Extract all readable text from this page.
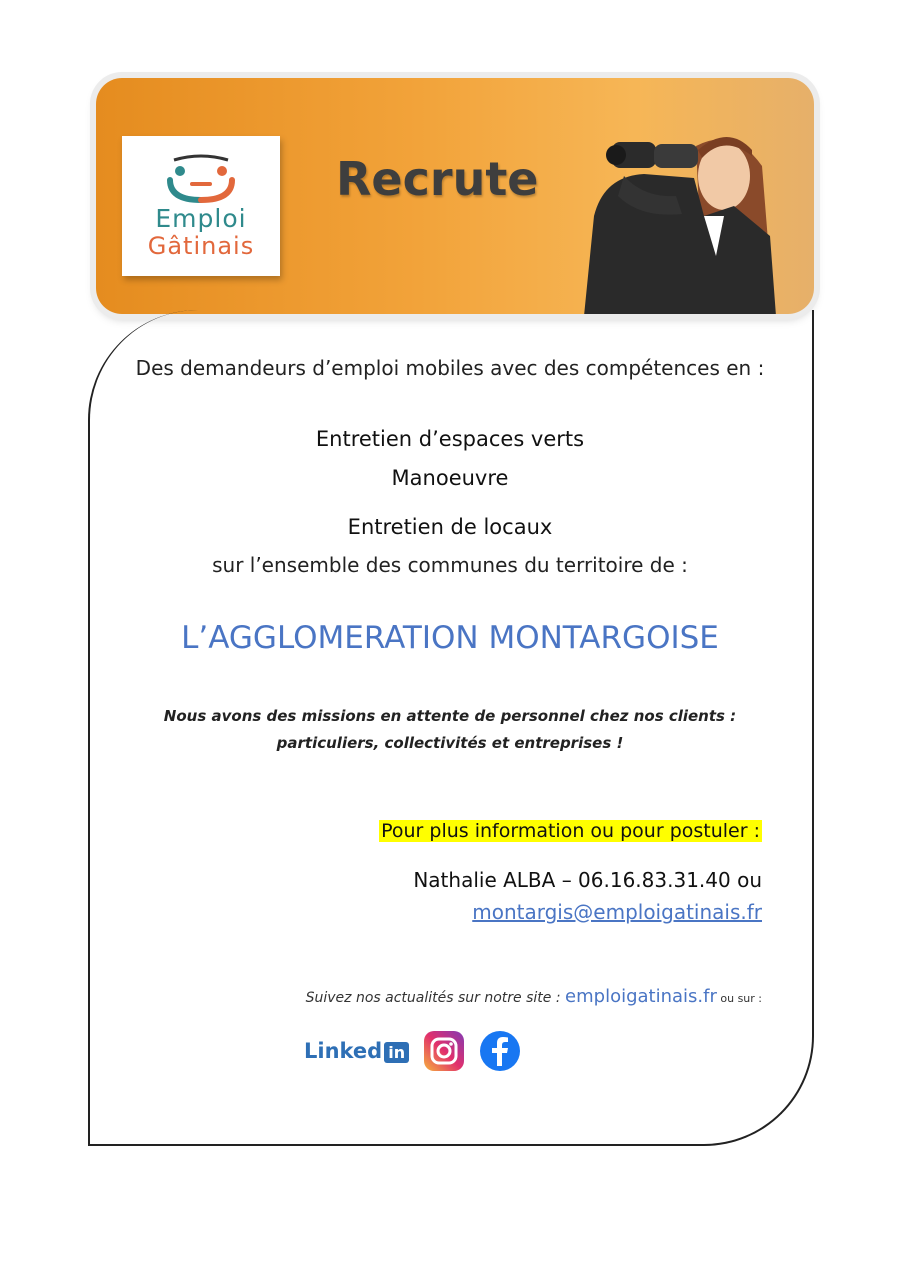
Emploi
Gâtinais
Recrute
Des demandeurs d’emploi mobiles avec des compétences en :
Entretien d’espaces verts
Manoeuvre
Entretien de locaux
sur l’ensemble des communes du territoire de :
L’AGGLOMERATION MONTARGOISE
Nous avons des missions en attente de personnel chez nos clients :
particuliers, collectivités et entreprises !
Pour plus information ou pour postuler :
Nathalie ALBA – 06.16.83.31.40 ou
montargis@emploigatinais.fr
Suivez nos actualités sur notre site : emploigatinais.fr ou sur :
Linked in
